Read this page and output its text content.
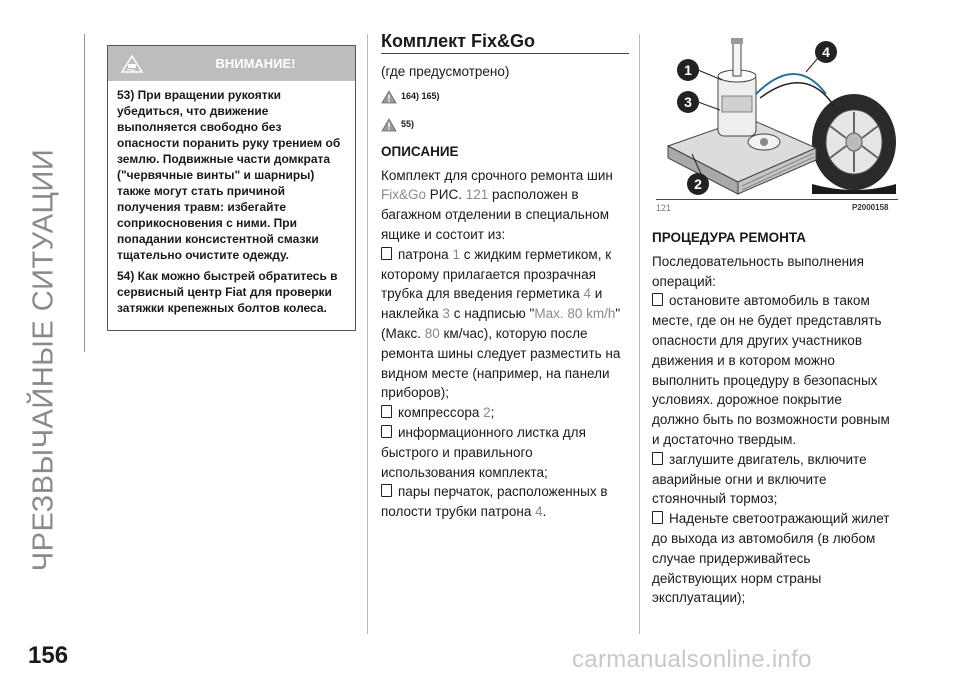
ЧРЕЗВЫЧАЙНЫЕ СИТУАЦИИ
156
ВНИМАНИЕ!

53) При вращении рукоятки убедиться, что движение выполняется свободно без опасности поранить руку трением об землю. Подвижные части домкрата ("червячные винты" и шарниры) также могут стать причиной получения травм: избегайте соприкосновения с ними. При попадании консистентной смазки тщательно очистите одежду.

54) Как можно быстрей обратитесь в сервисный центр Fiat для проверки затяжки крепежных болтов колеса.

Комплект Fix&Go

(где предусмотрено)

164) 165)
55)
ОПИСАНИЕ

Комплект для срочного ремонта шин Fix&Go РИС. 121 расположен в багажном отделении в специальном ящике и состоит из:

патрона 1 с жидким герметиком, к которому прилагается прозрачная трубка для введения герметика 4 и наклейка 3 с надписью "Max. 80 km/h" (Макс. 80 км/час), которую после ремонта шины следует разместить на видном месте (например, на панели приборов);

компрессора 2;

информационного листка для быстрого и правильного использования комплекта;

пары перчаток, расположенных в полости трубки патрона 4.

1
3
2
4
121	P2000158
ПРОЦЕДУРА РЕМОНТА

Последовательность выполнения операций:

остановите автомобиль в таком месте, где он не будет представлять опасности для других участников движения и в котором можно выполнить процедуру в безопасных условиях. дорожное покрытие должно быть по возможности ровным и достаточно твердым.

заглушите двигатель, включите аварийные огни и включите стояночный тормоз;

Наденьте светоотражающий жилет до выхода из автомобиля (в любом случае придерживайтесь действующих норм страны эксплуатации);

carmanualsonline.info
